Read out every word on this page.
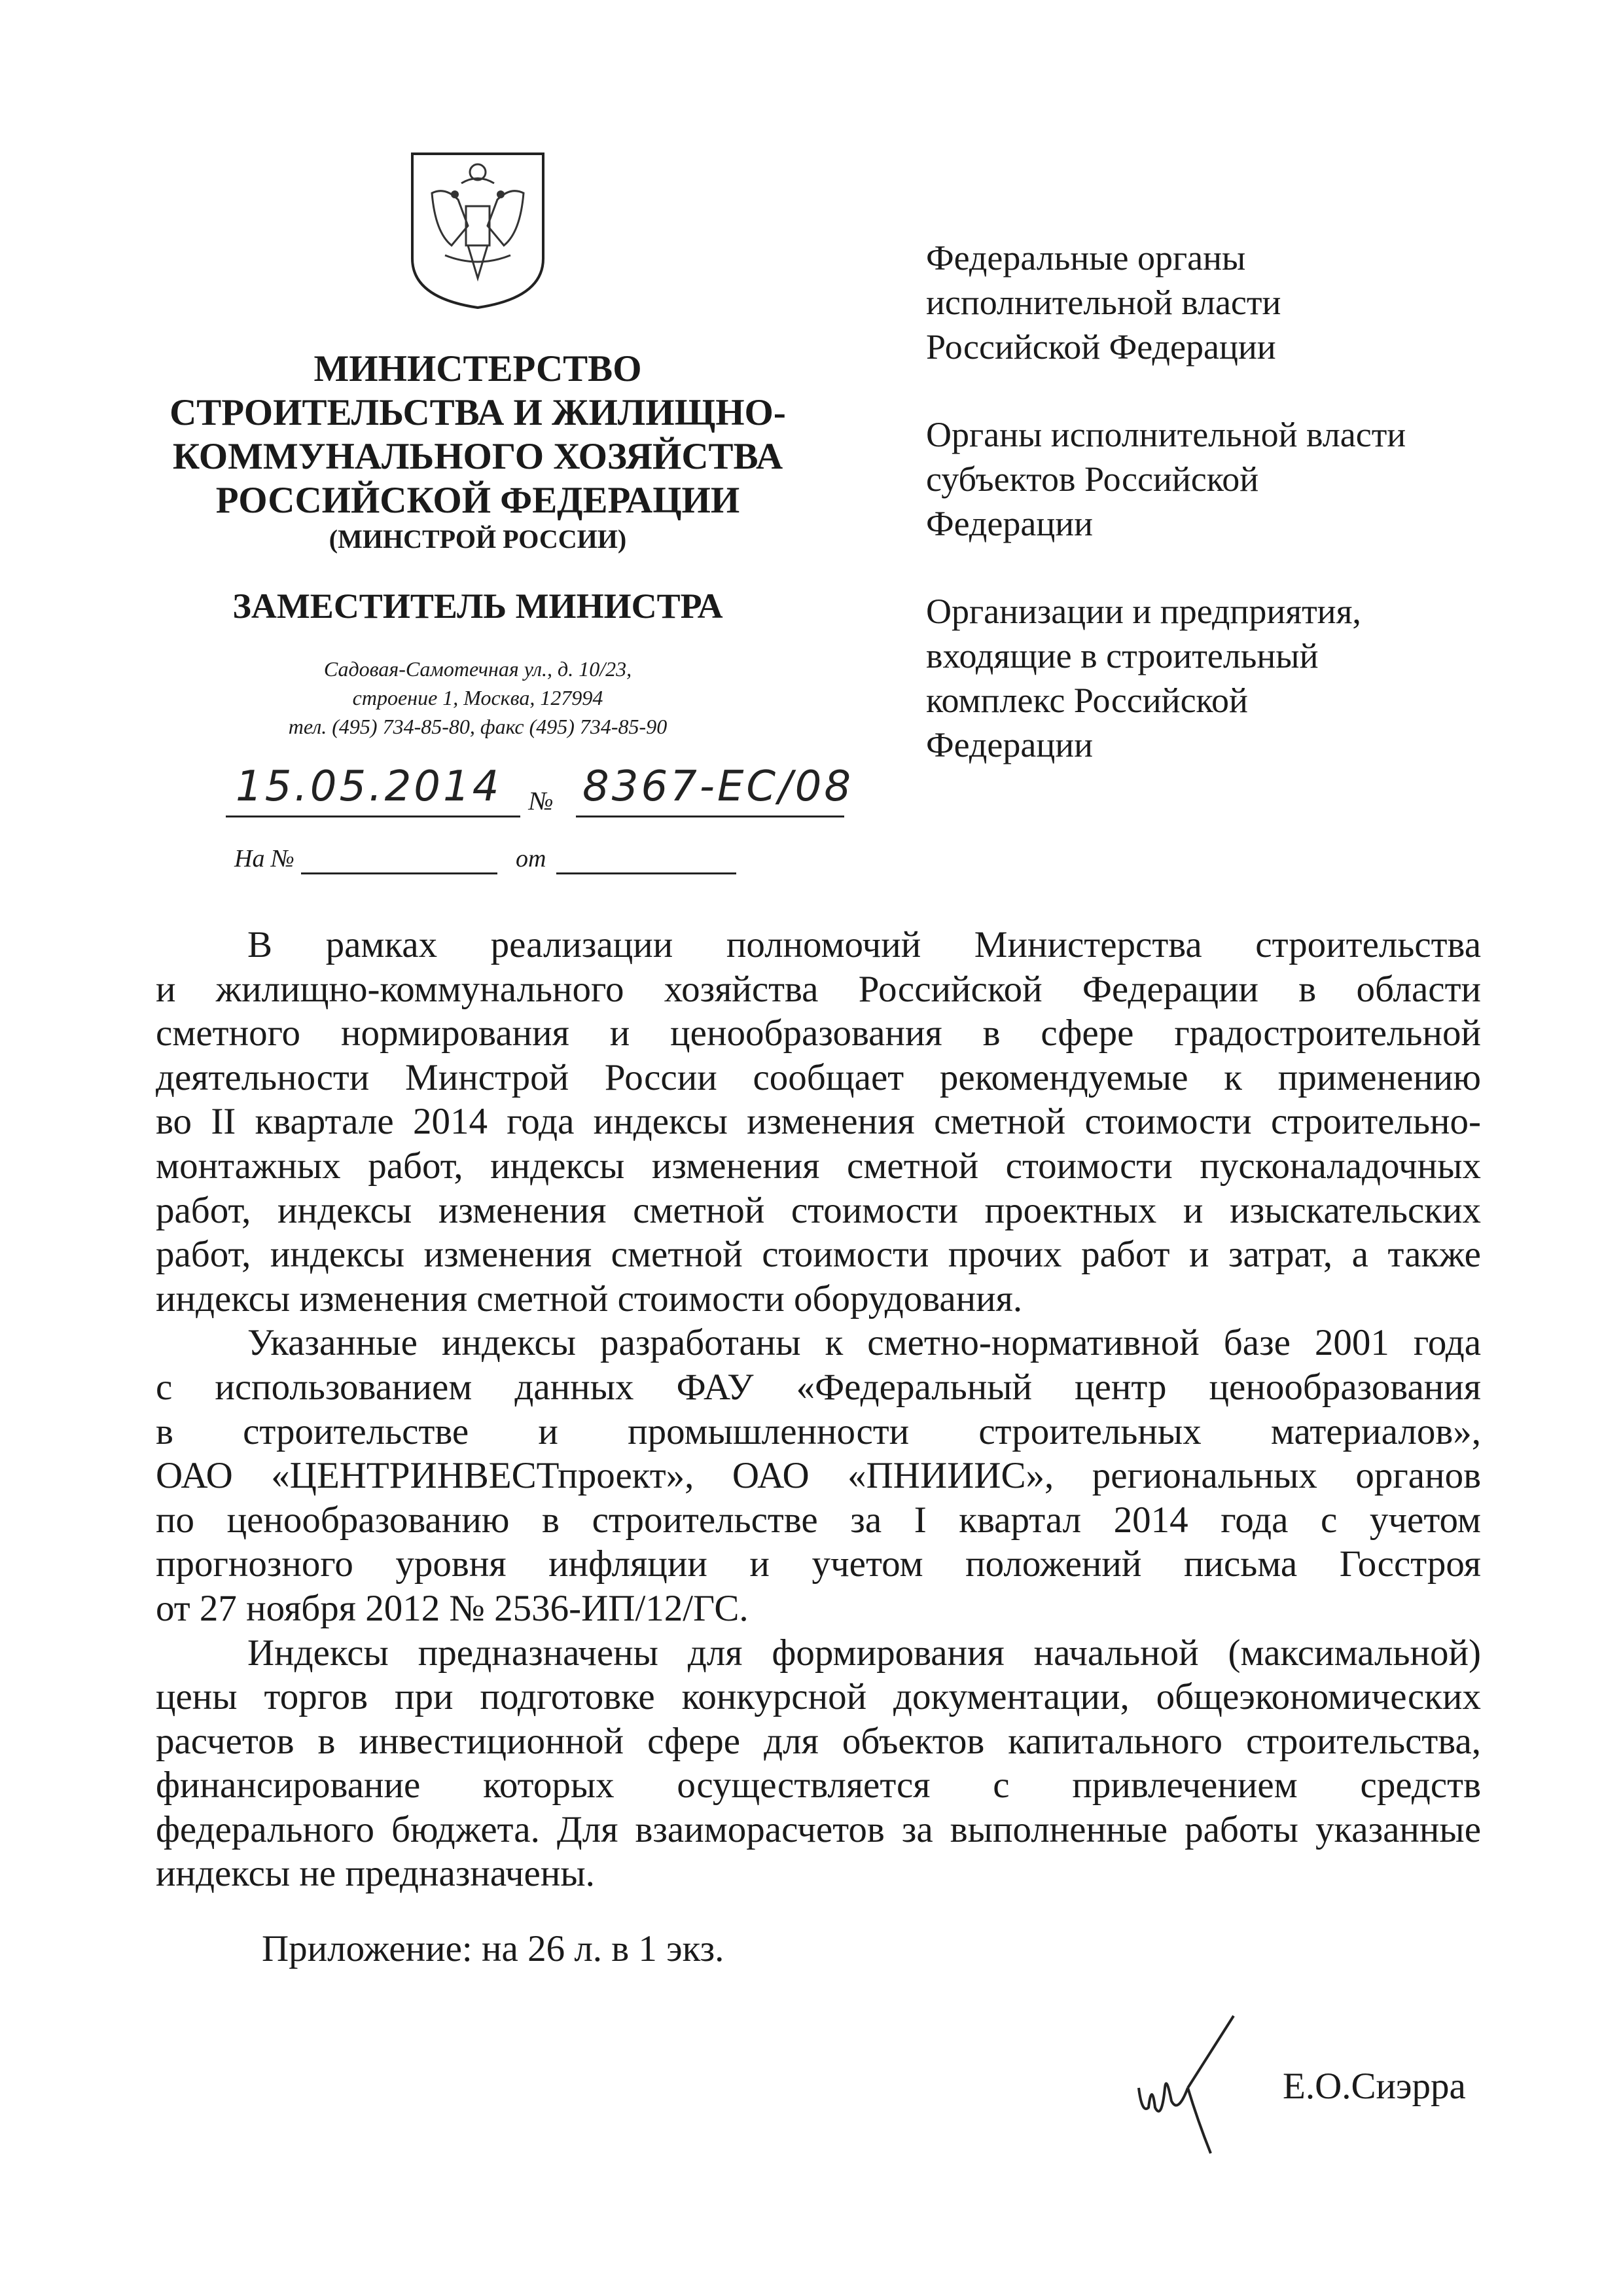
МИНИСТЕРСТВО
СТРОИТЕЛЬСТВА И ЖИЛИЩНО-
КОММУНАЛЬНОГО ХОЗЯЙСТВА
РОССИЙСКОЙ ФЕДЕРАЦИИ
(МИНСТРОЙ РОССИИ)
ЗАМЕСТИТЕЛЬ МИНИСТРА
Садовая-Самотечная ул., д. 10/23,
строение 1, Москва, 127994
тел. (495) 734-85-80, факс (495) 734-85-90
15.05.2014 № 8367-ЕС/08
На №	от
Федеральные органы
исполнительной власти
Российской Федерации
Органы исполнительной власти
субъектов Российской
Федерации
Организации и предприятия,
входящие в строительный
комплекс Российской
Федерации
В рамках реализации полномочий Министерства строительства
и жилищно-коммунального хозяйства Российской Федерации в области
сметного нормирования и ценообразования в сфере градостроительной
деятельности Минстрой России сообщает рекомендуемые к применению
во II квартале 2014 года индексы изменения сметной стоимости строительно-
монтажных работ, индексы изменения сметной стоимости пусконаладочных
работ, индексы изменения сметной стоимости проектных и изыскательских
работ, индексы изменения сметной стоимости прочих работ и затрат, а также
индексы изменения сметной стоимости оборудования.
Указанные индексы разработаны к сметно-нормативной базе 2001 года
с использованием данных ФАУ «Федеральный центр ценообразования
в строительстве и промышленности строительных материалов»,
ОАО «ЦЕНТРИНВЕСТпроект», ОАО «ПНИИИС», региональных органов
по ценообразованию в строительстве за I квартал 2014 года с учетом
прогнозного уровня инфляции и учетом положений письма Госстроя
от 27 ноября 2012 № 2536-ИП/12/ГС.
Индексы предназначены для формирования начальной (максимальной)
цены торгов при подготовке конкурсной документации, общеэкономических
расчетов в инвестиционной сфере для объектов капитального строительства,
финансирование которых осуществляется с привлечением средств
федерального бюджета. Для взаиморасчетов за выполненные работы указанные
индексы не предназначены.
Приложение: на 26 л. в 1 экз.
Е.О.Сиэрра
